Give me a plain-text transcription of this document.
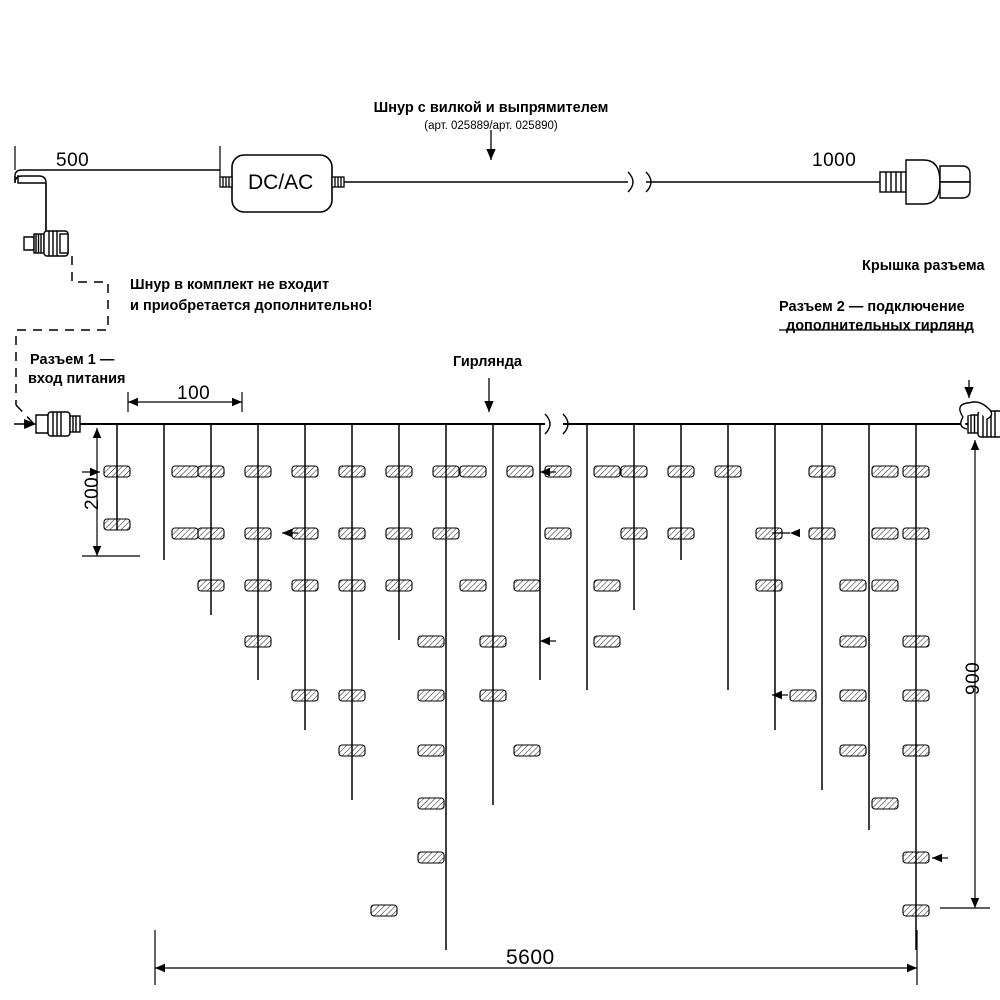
Шнур с вилкой и выпрямителем
(арт. 025889/арт. 025890)
500	1000
DC/AC
Шнур в комплект не входит
и приобретается дополнительно!
Крышка разъема
Разъем 2 — подключение
дополнительных гирлянд
Разъем 1 —
вход питания
Гирлянда
100
200
900
5600
